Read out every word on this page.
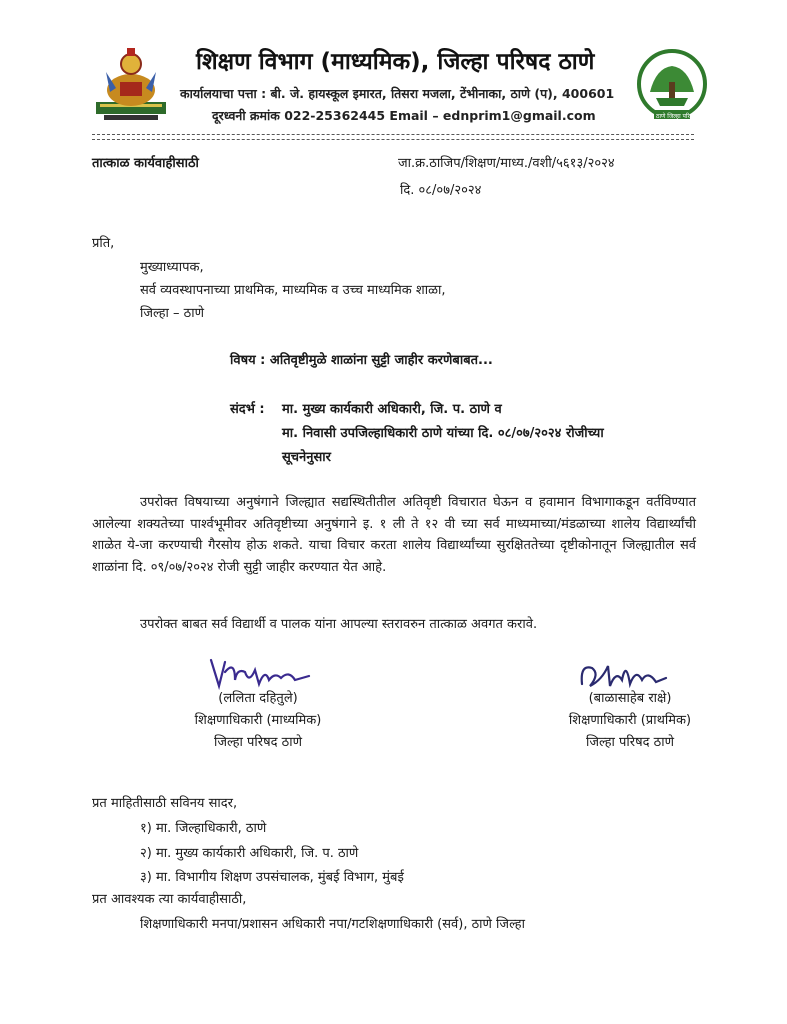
शिक्षण विभाग (माध्यमिक), जिल्हा परिषद ठाणे
कार्यालयाचा पत्ता : बी. जे. हायस्कूल इमारत, तिसरा मजला, टेंभीनाका, ठाणे (प), 400601
दूरध्वनी क्रमांक 022-25362445 Email – ednprim1@gmail.com	ठाणे जिल्हा परिषद
तात्काळ कार्यवाहीसाठी	जा.क्र.ठाजिप/शिक्षण/माध्य./वशी/५६१३/२०२४
दि. ०८/०७/२०२४
प्रति,
मुख्याध्यापक,
सर्व व्यवस्थापनाच्या प्राथमिक, माध्यमिक व उच्च माध्यमिक शाळा,
जिल्हा – ठाणे
विषय : अतिवृष्टीमुळे शाळांना सुट्टी जाहीर करणेबाबत...
संदर्भ : मा. मुख्य कार्यकारी अधिकारी, जि. प. ठाणे व
मा. निवासी उपजिल्हाधिकारी ठाणे यांच्या दि. ०८/०७/२०२४ रोजीच्या
सूचनेनुसार
उपरोक्त विषयाच्या अनुषंगाने जिल्ह्यात सद्यस्थितीतील अतिवृष्टी विचारात घेऊन व हवामान विभागाकडून वर्तविण्यात आलेल्या शक्यतेच्या पार्श्वभूमीवर अतिवृष्टीच्या अनुषंगाने इ. १ ली ते १२ वी च्या सर्व माध्यमाच्या/मंडळाच्या शालेय विद्यार्थ्यांची शाळेत ये-जा करण्याची गैरसोय होऊ शकते. याचा विचार करता शालेय विद्यार्थ्यांच्या सुरक्षिततेच्या दृष्टीकोनातून जिल्ह्यातील सर्व शाळांना दि. ०९/०७/२०२४ रोजी सुट्टी जाहीर करण्यात येत आहे.
उपरोक्त बाबत सर्व विद्यार्थी व पालक यांना आपल्या स्तरावरुन तात्काळ अवगत करावे.
(ललिता दहितुले)
शिक्षणाधिकारी (माध्यमिक)
जिल्हा परिषद ठाणे
(बाळासाहेब राक्षे)
शिक्षणाधिकारी (प्राथमिक)
जिल्हा परिषद ठाणे
प्रत माहितीसाठी सविनय सादर,
१) मा. जिल्हाधिकारी, ठाणे
२) मा. मुख्य कार्यकारी अधिकारी, जि. प. ठाणे
३) मा. विभागीय शिक्षण उपसंचालक, मुंबई विभाग, मुंबई
प्रत आवश्यक त्या कार्यवाहीसाठी,
शिक्षणाधिकारी मनपा/प्रशासन अधिकारी नपा/गटशिक्षणाधिकारी (सर्व), ठाणे जिल्हा
